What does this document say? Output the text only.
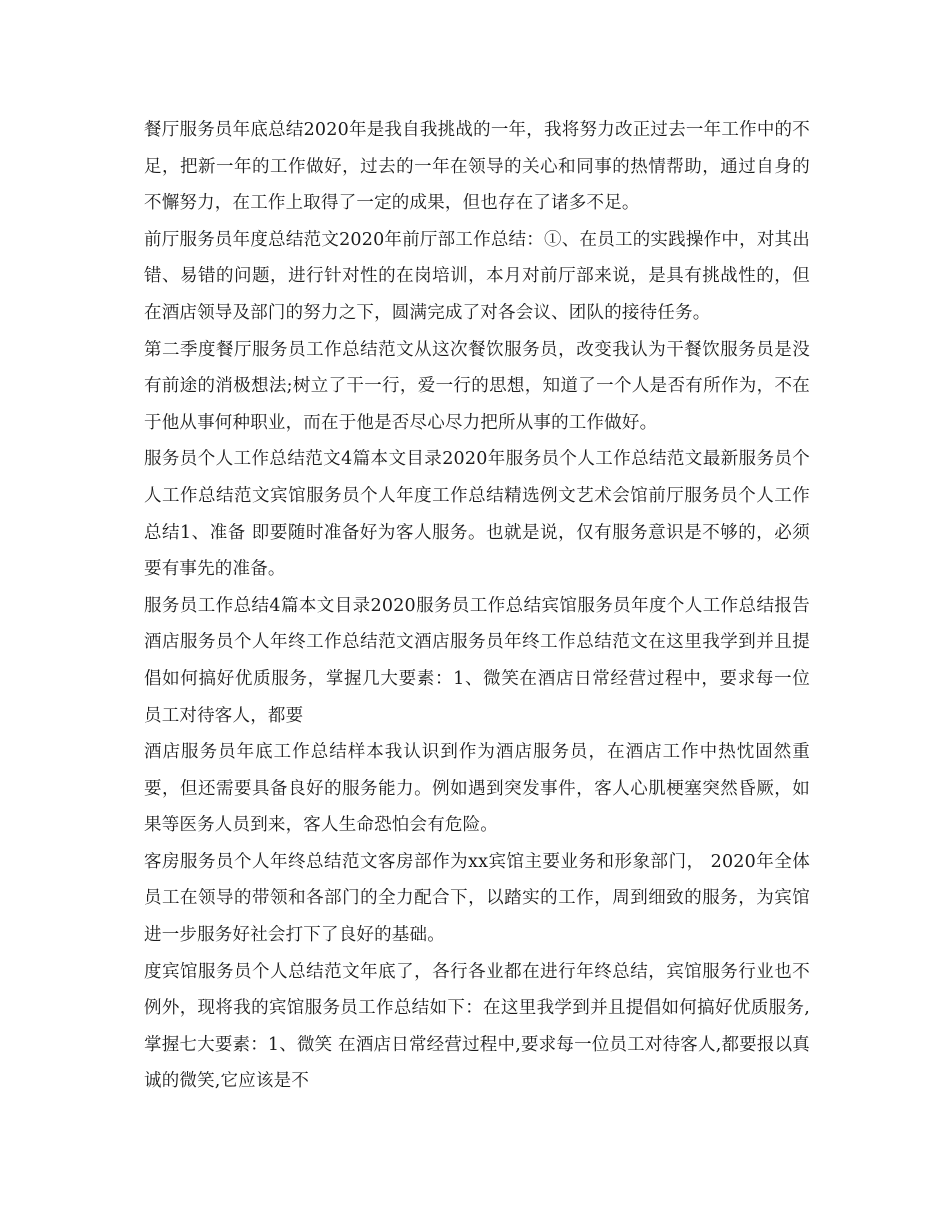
餐厅服务员年底总结2020年是我自我挑战的一年，我将努力改正过去一年工作中的不足，把新一年的工作做好，过去的一年在领导的关心和同事的热情帮助，通过自身的不懈努力，在工作上取得了一定的成果，但也存在了诸多不足。

前厅服务员年度总结范文2020年前厅部工作总结：①、在员工的实践操作中，对其出错、易错的问题，进行针对性的在岗培训，本月对前厅部来说，是具有挑战性的，但在酒店领导及部门的努力之下，圆满完成了对各会议、团队的接待任务。

第二季度餐厅服务员工作总结范文从这次餐饮服务员，改变我认为干餐饮服务员是没有前途的消极想法;树立了干一行，爱一行的思想，知道了一个人是否有所作为，不在于他从事何种职业，而在于他是否尽心尽力把所从事的工作做好。

服务员个人工作总结范文4篇本文目录2020年服务员个人工作总结范文最新服务员个人工作总结范文宾馆服务员个人年度工作总结精选例文艺术会馆前厅服务员个人工作总结1、准备 即要随时准备好为客人服务。也就是说，仅有服务意识是不够的，必须要有事先的准备。

服务员工作总结4篇本文目录2020服务员工作总结宾馆服务员年度个人工作总结报告酒店服务员个人年终工作总结范文酒店服务员年终工作总结范文在这里我学到并且提倡如何搞好优质服务，掌握几大要素：1、微笑在酒店日常经营过程中，要求每一位员工对待客人，都要

酒店服务员年底工作总结样本我认识到作为酒店服务员，在酒店工作中热忱固然重要，但还需要具备良好的服务能力。例如遇到突发事件，客人心肌梗塞突然昏厥，如果等医务人员到来，客人生命恐怕会有危险。

客房服务员个人年终总结范文客房部作为xx宾馆主要业务和形象部门， 2020年全体员工在领导的带领和各部门的全力配合下，以踏实的工作，周到细致的服务，为宾馆进一步服务好社会打下了良好的基础。

度宾馆服务员个人总结范文年底了，各行各业都在进行年终总结，宾馆服务行业也不例外，现将我的宾馆服务员工作总结如下：在这里我学到并且提倡如何搞好优质服务,掌握七大要素：1、微笑 在酒店日常经营过程中,要求每一位员工对待客人,都要报以真诚的微笑,它应该是不
